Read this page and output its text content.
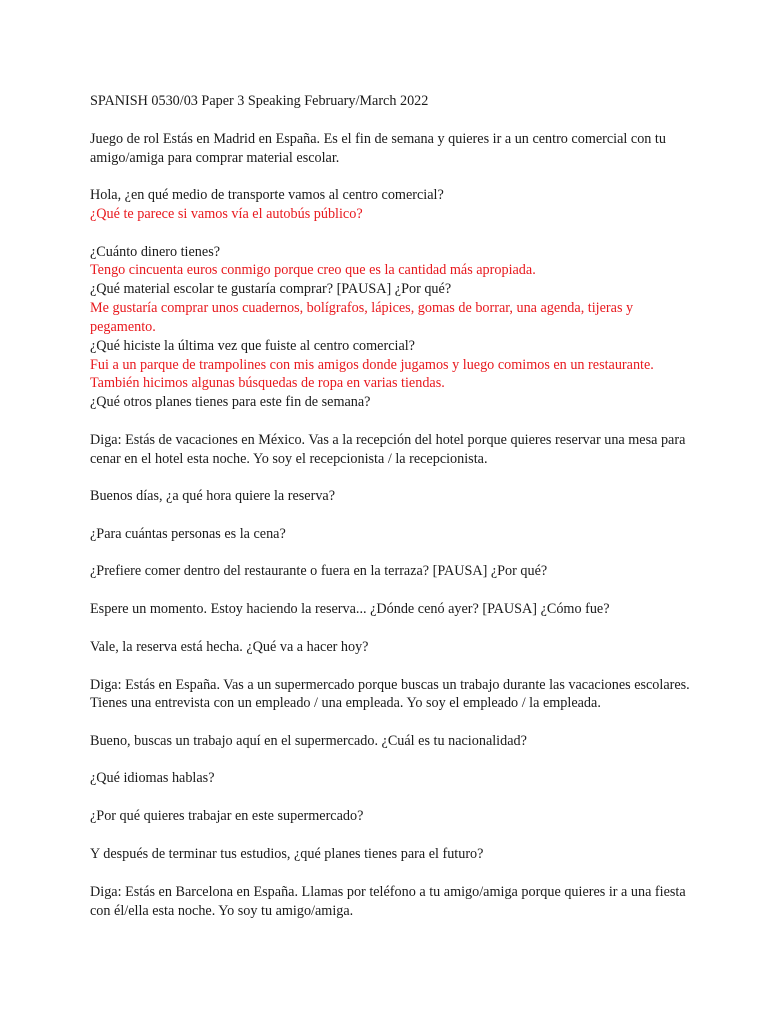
SPANISH 0530/03 Paper 3 Speaking February/March 2022
Juego de rol Estás en Madrid en España. Es el fin de semana y quieres ir a un centro comercial con tu
amigo/amiga para comprar material escolar.
Hola, ¿en qué medio de transporte vamos al centro comercial?
¿Qué te parece si vamos vía el autobús público?
¿Cuánto dinero tienes?
Tengo cincuenta euros conmigo porque creo que es la cantidad más apropiada.
¿Qué material escolar te gustaría comprar? [PAUSA] ¿Por qué?
Me gustaría comprar unos cuadernos, bolígrafos, lápices, gomas de borrar, una agenda, tijeras y
pegamento.
¿Qué hiciste la última vez que fuiste al centro comercial?
Fui a un parque de trampolines con mis amigos donde jugamos y luego comimos en un restaurante.
También hicimos algunas búsquedas de ropa en varias tiendas.
¿Qué otros planes tienes para este fin de semana?
Diga: Estás de vacaciones en México. Vas a la recepción del hotel porque quieres reservar una mesa para
cenar en el hotel esta noche. Yo soy el recepcionista / la recepcionista.
Buenos días, ¿a qué hora quiere la reserva?
¿Para cuántas personas es la cena?
¿Prefiere comer dentro del restaurante o fuera en la terraza? [PAUSA] ¿Por qué?
Espere un momento. Estoy haciendo la reserva... ¿Dónde cenó ayer? [PAUSA] ¿Cómo fue?
Vale, la reserva está hecha. ¿Qué va a hacer hoy?
Diga: Estás en España. Vas a un supermercado porque buscas un trabajo durante las vacaciones escolares.
Tienes una entrevista con un empleado / una empleada. Yo soy el empleado / la empleada.
Bueno, buscas un trabajo aquí en el supermercado. ¿Cuál es tu nacionalidad?
¿Qué idiomas hablas?
¿Por qué quieres trabajar en este supermercado?
Y después de terminar tus estudios, ¿qué planes tienes para el futuro?
Diga: Estás en Barcelona en España. Llamas por teléfono a tu amigo/amiga porque quieres ir a una fiesta
con él/ella esta noche. Yo soy tu amigo/amiga.
